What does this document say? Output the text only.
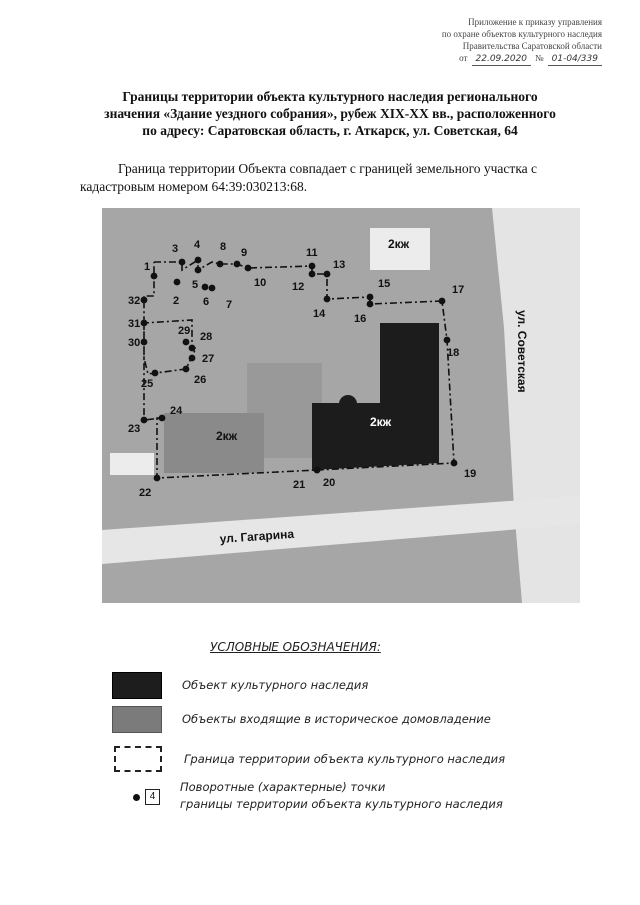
Приложение к приказу управления
по охране объектов культурного наследия
Правительства Саратовской области
от 22.09.2020 № 01-04/339
Границы территории объекта культурного наследия регионального
значения «Здание уездного собрания», рубеж XIX-XX вв., расположенного
по адресу: Саратовская область, г. Аткарск, ул. Советская, 64
Граница территории Объекта совпадает с границей земельного участка с кадастровым номером 64:39:030213:68.
ул. Советская
ул. Гагарина
2кж
2кж
2кж
1
2
3 4
5
6 7
8 9
10
11
12
13
14
15
16
17
18
19
20
21
22
23
24
25	26
27
28
29
30
31
32
УСЛОВНЫЕ ОБОЗНАЧЕНИЯ:
Объект культурного наследия
Объекты входящие в историческое домовладение
Граница территории объекта культурного наследия
4
Поворотные (характерные) точки
границы территории объекта культурного наследия
